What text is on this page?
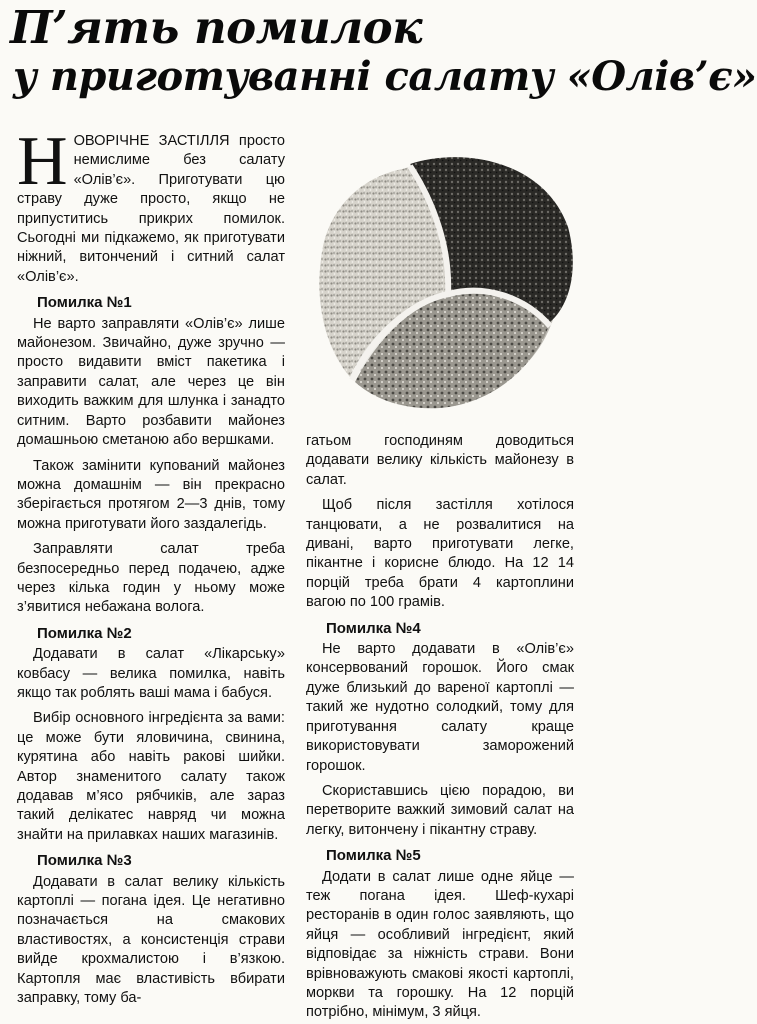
П’ять помилок
у приготуванні салату «Олів’є»
Н ОВОРІЧНЕ ЗАСТІЛЛЯ просто немислиме без салату «Олів’є». Приготувати цю страву дуже просто, якщо не припуститись прикрих помилок. Сьогодні ми підкажемо, як приготувати ніжний, витончений і ситний салат «Олів’є».

Помилка №1

Не варто заправляти «Олів’є» лише майонезом. Звичайно, дуже зручно — просто видавити вміст пакетика і заправити салат, але через це він виходить важким для шлунка і занадто ситним. Варто розбавити майонез домашньою сметаною або вершками.

Також замінити купований майонез можна домашнім — він прекрасно зберігається протягом 2—3 днів, тому можна приготувати його заздалегідь.

Заправляти салат треба безпосередньо перед подачею, адже через кілька годин у ньому може з’явитися небажана волога.

Помилка №2

Додавати в салат «Лікарську» ковбасу — велика помилка, навіть якщо так роблять ваші мама і бабуся.

Вибір основного інгредієнта за вами: це може бути яловичина, свинина, курятина або навіть раковi шийки. Автор знаменитого салату також додавав м’ясо рябчиків, але зараз такий делікатес навряд чи можна знайти на прилавках наших магазинів.

Помилка №3

Додавати в салат велику кількість картоплі — погана ідея. Це негативно позначається на смакових властивостях, а консистенція страви вийде крохмалистою і в’язкою. Картопля має властивість вбирати заправку, тому ба-

гатьом господиням доводиться додавати велику кількість майонезу в салат.

Щоб після застілля хотілося танцювати, а не розвалитися на дивані, варто приготувати легке, пікантне і корисне блюдо. На 12 14 порцій треба брати 4 картоплини вагою по 100 грамів.

Помилка №4

Не варто додавати в «Олів’є» консервований горошок. Його смак дуже близький до вареної картоплі — такий же нудотно солодкий, тому для приготування салату краще використовувати заморожений горошок.

Скориставшись цією порадою, ви перетворите важкий зимовий салат на легку, витончену і пікантну страву.

Помилка №5

Додати в салат лише одне яйце — теж погана ідея. Шеф-кухарі ресторанів в один голос заявляють, що яйця — особливий інгредієнт, який відповідає за ніжність страви. Вони врівноважують смакові якості картоплі, моркви та горошку. На 12 порцій потрібно, мінімум, 3 яйця.
